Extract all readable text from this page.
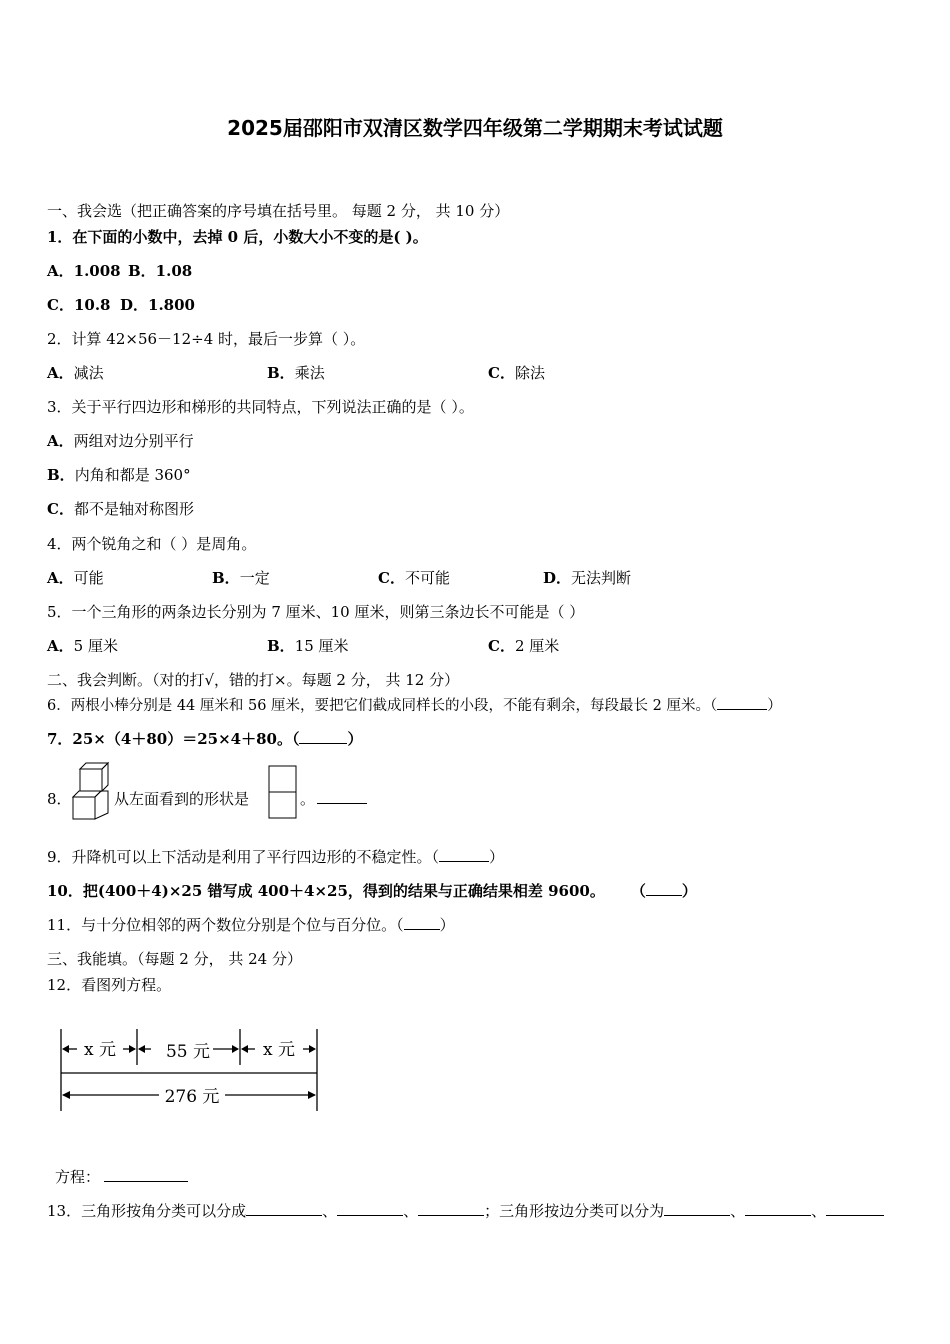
2025届邵阳市双清区数学四年级第二学期期末考试试题
一、我会选（把正确答案的序号填在括号里。 每题 2 分， 共 10 分）
1．在下面的小数中，去掉 0 后，小数大小不变的是( )。
A．1.008 B．1.08
C．10.8 D．1.800
2．计算 42×56－12÷4 时，最后一步算（ ）。
A．减法	B．乘法	C．除法
3．关于平行四边形和梯形的共同特点，下列说法正确的是（ ）。
A．两组对边分别平行
B．内角和都是 360°
C．都不是轴对称图形
4．两个锐角之和（ ）是周角。
A．可能	B．一定	C．不可能	D．无法判断
5．一个三角形的两条边长分别为 7 厘米、10 厘米，则第三条边长不可能是（ ）
A．5 厘米	B．15 厘米	C．2 厘米
二、我会判断。（对的打√，错的打×。每题 2 分， 共 12 分）
6．两根小棒分别是 44 厘米和 56 厘米，要把它们截成同样长的小段，不能有剩余，每段最长 2 厘米。（	）
7．25×（4＋80）＝25×4＋80。（	）
8．	从左面看到的形状是	。
9．升降机可以上下活动是利用了平行四边形的不稳定性。（	）
10．把(400＋4)×25 错写成 400＋4×25，得到的结果与正确结果相差 9600。 （ ）
11．与十分位相邻的两个数位分别是个位与百分位。（ ）
三、我能填。（每题 2 分， 共 24 分）
12．看图列方程。
x 元	55 元	x 元
276 元
方程：
13．三角形按角分类可以分成	、	、	；三角形按边分类可以分为	、	、
